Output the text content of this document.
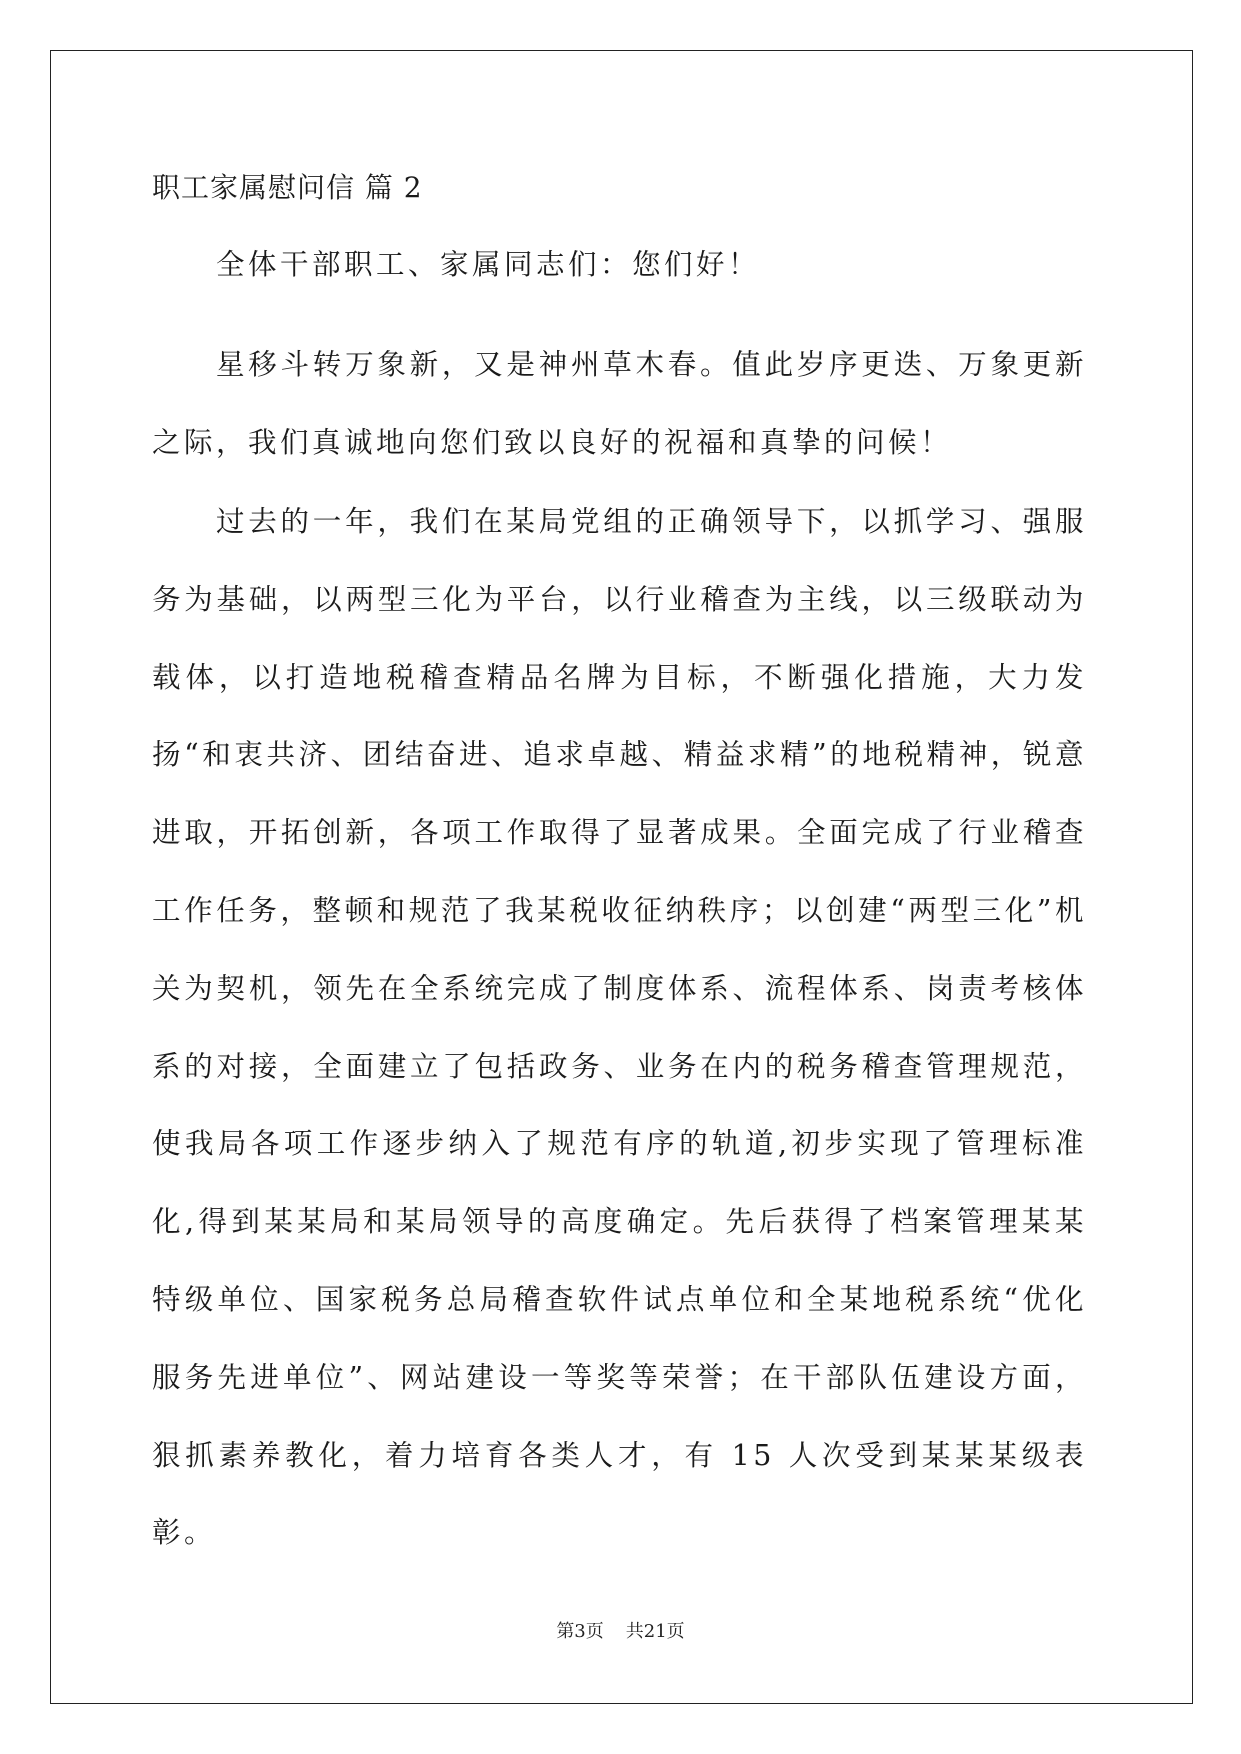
职工家属慰问信 篇 2

全体干部职工、家属同志们：您们好！

星移斗转万象新，又是神州草木春。值此岁序更迭、万象更新之际，我们真诚地向您们致以良好的祝福和真挚的问候！

过去的一年，我们在某局党组的正确领导下，以抓学习、强服务为基础，以两型三化为平台，以行业稽查为主线，以三级联动为载体，以打造地税稽查精品名牌为目标，不断强化措施，大力发扬“和衷共济、团结奋进、追求卓越、精益求精”的地税精神，锐意进取，开拓创新，各项工作取得了显著成果。全面完成了行业稽查工作任务，整顿和规范了我某税收征纳秩序；以创建“两型三化”机关为契机，领先在全系统完成了制度体系、流程体系、岗责考核体系的对接，全面建立了包括政务、业务在内的税务稽查管理规范，使我局各项工作逐步纳入了规范有序的轨道,初步实现了管理标准化,得到某某局和某局领导的高度确定。先后获得了档案管理某某特级单位、国家税务总局稽查软件试点单位和全某地税系统“优化服务先进单位”、网站建设一等奖等荣誉；在干部队伍建设方面，狠抓素养教化，着力培育各类人才，有 15 人次受到某某某级表彰。

第3页 共21页
